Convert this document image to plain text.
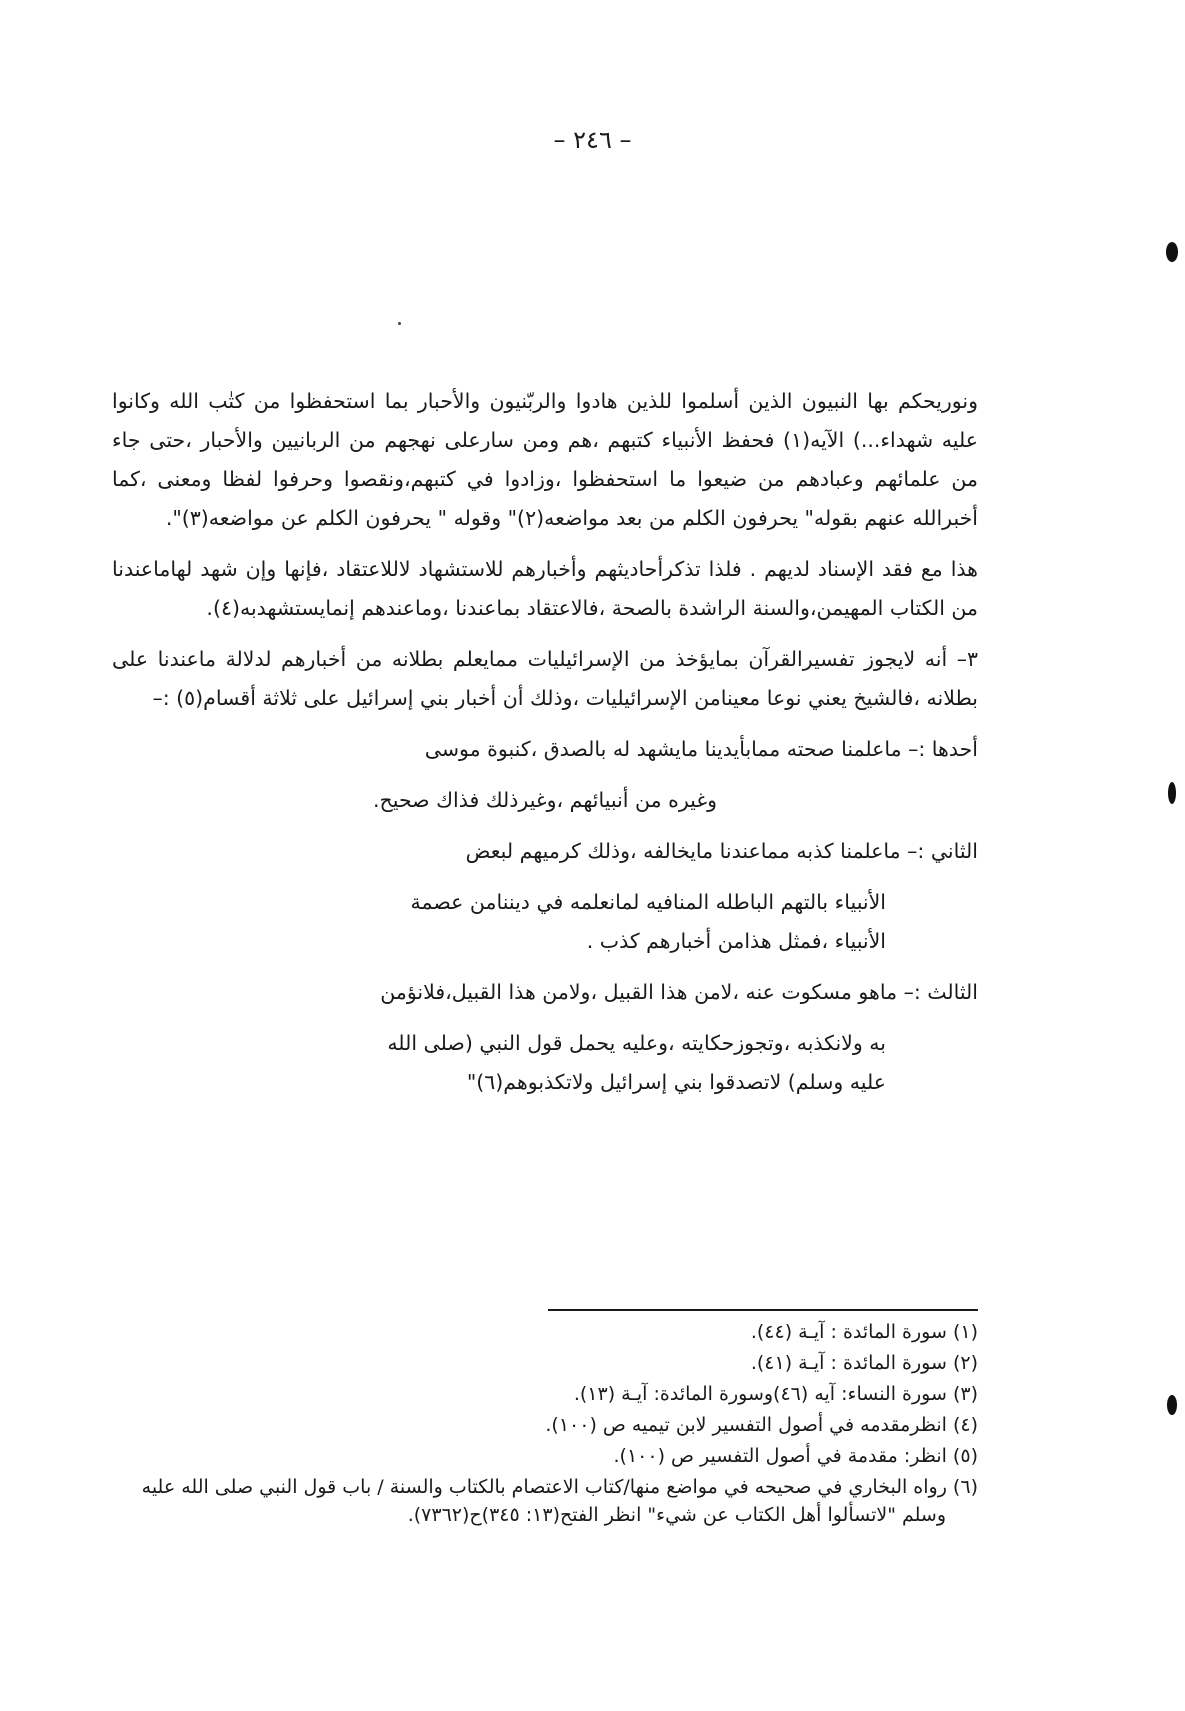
– ٢٤٦ –

ونوريحكم بها النبيون الذين أسلموا للذين هادوا والربّنيون والأحبار بما استحفظوا من كتٰب الله وكانوا عليه شهداء...) الآيه(١) فحفظ الأنبياء كتبهم ،هم ومن سارعلى نهجهم من الربانيين والأحبار ،حتى جاء من علمائهم وعبادهم من ضيعوا ما استحفظوا ،وزادوا في كتبهم،ونقصوا وحرفوا لفظا ومعنى ،كما أخبرالله عنهم بقوله" يحرفون الكلم من بعد مواضعه(٢)" وقوله " يحرفون الكلم عن مواضعه(٣)".

هذا مع فقد الإسناد لديهم . فلذا تذكرأحاديثهم وأخبارهم للاستشهاد لاللاعتقاد ،فإنها وإن شهد لهاماعندنا من الكتاب المهيمن،والسنة الراشدة بالصحة ،فالاعتقاد بماعندنا ،وماعندهم إنمايستشهدبه(٤).

٣– أنه لايجوز تفسيرالقرآن بمايؤخذ من الإسرائيليات ممايعلم بطلانه من أخبارهم لدلالة ماعندنا على بطلانه ،فالشيخ يعني نوعا معينامن الإسرائيليات ،وذلك أن أخبار بني إسرائيل على ثلاثة أقسام(٥) :–

أحدها :– ماعلمنا صحته ممابأيدينا مايشهد له بالصدق ،كنبوة موسى

وغيره من أنبيائهم ،وغيرذلك فذاك صحيح.

الثاني :– ماعلمنا كذبه مماعندنا مايخالفه ،وذلك كرميهم لبعض

الأنبياء بالتهم الباطله المنافيه لمانعلمه في ديننامن عصمة
الأنبياء ،فمثل هذامن أخبارهم كذب .

الثالث :– ماهو مسكوت عنه ،لامن هذا القبيل ،ولامن هذا القبيل،فلانؤمن

به ولانكذبه ،وتجوزحكايته ،وعليه يحمل قول النبي (صلى الله
عليه وسلم) لاتصدقوا بني إسرائيل ولاتكذبوهم(٦)"

(١) سورة المائدة : آيـة (٤٤).

(٢) سورة المائدة : آيـة (٤١).

(٣) سورة النساء: آيه (٤٦)وسورة المائدة: آيـة (١٣).

(٤) انظرمقدمه في أصول التفسير لابن تيميه ص (١٠٠).

(٥) انظر: مقدمة في أصول التفسير ص (١٠٠).

(٦) رواه البخاري في صحيحه في مواضع منها/كتاب الاعتصام بالكتاب والسنة / باب قول النبي صلى الله عليه وسلم "لاتسألوا أهل الكتاب عن شيء" انظر الفتح(١٣: ٣٤٥)ح(٧٣٦٢).
